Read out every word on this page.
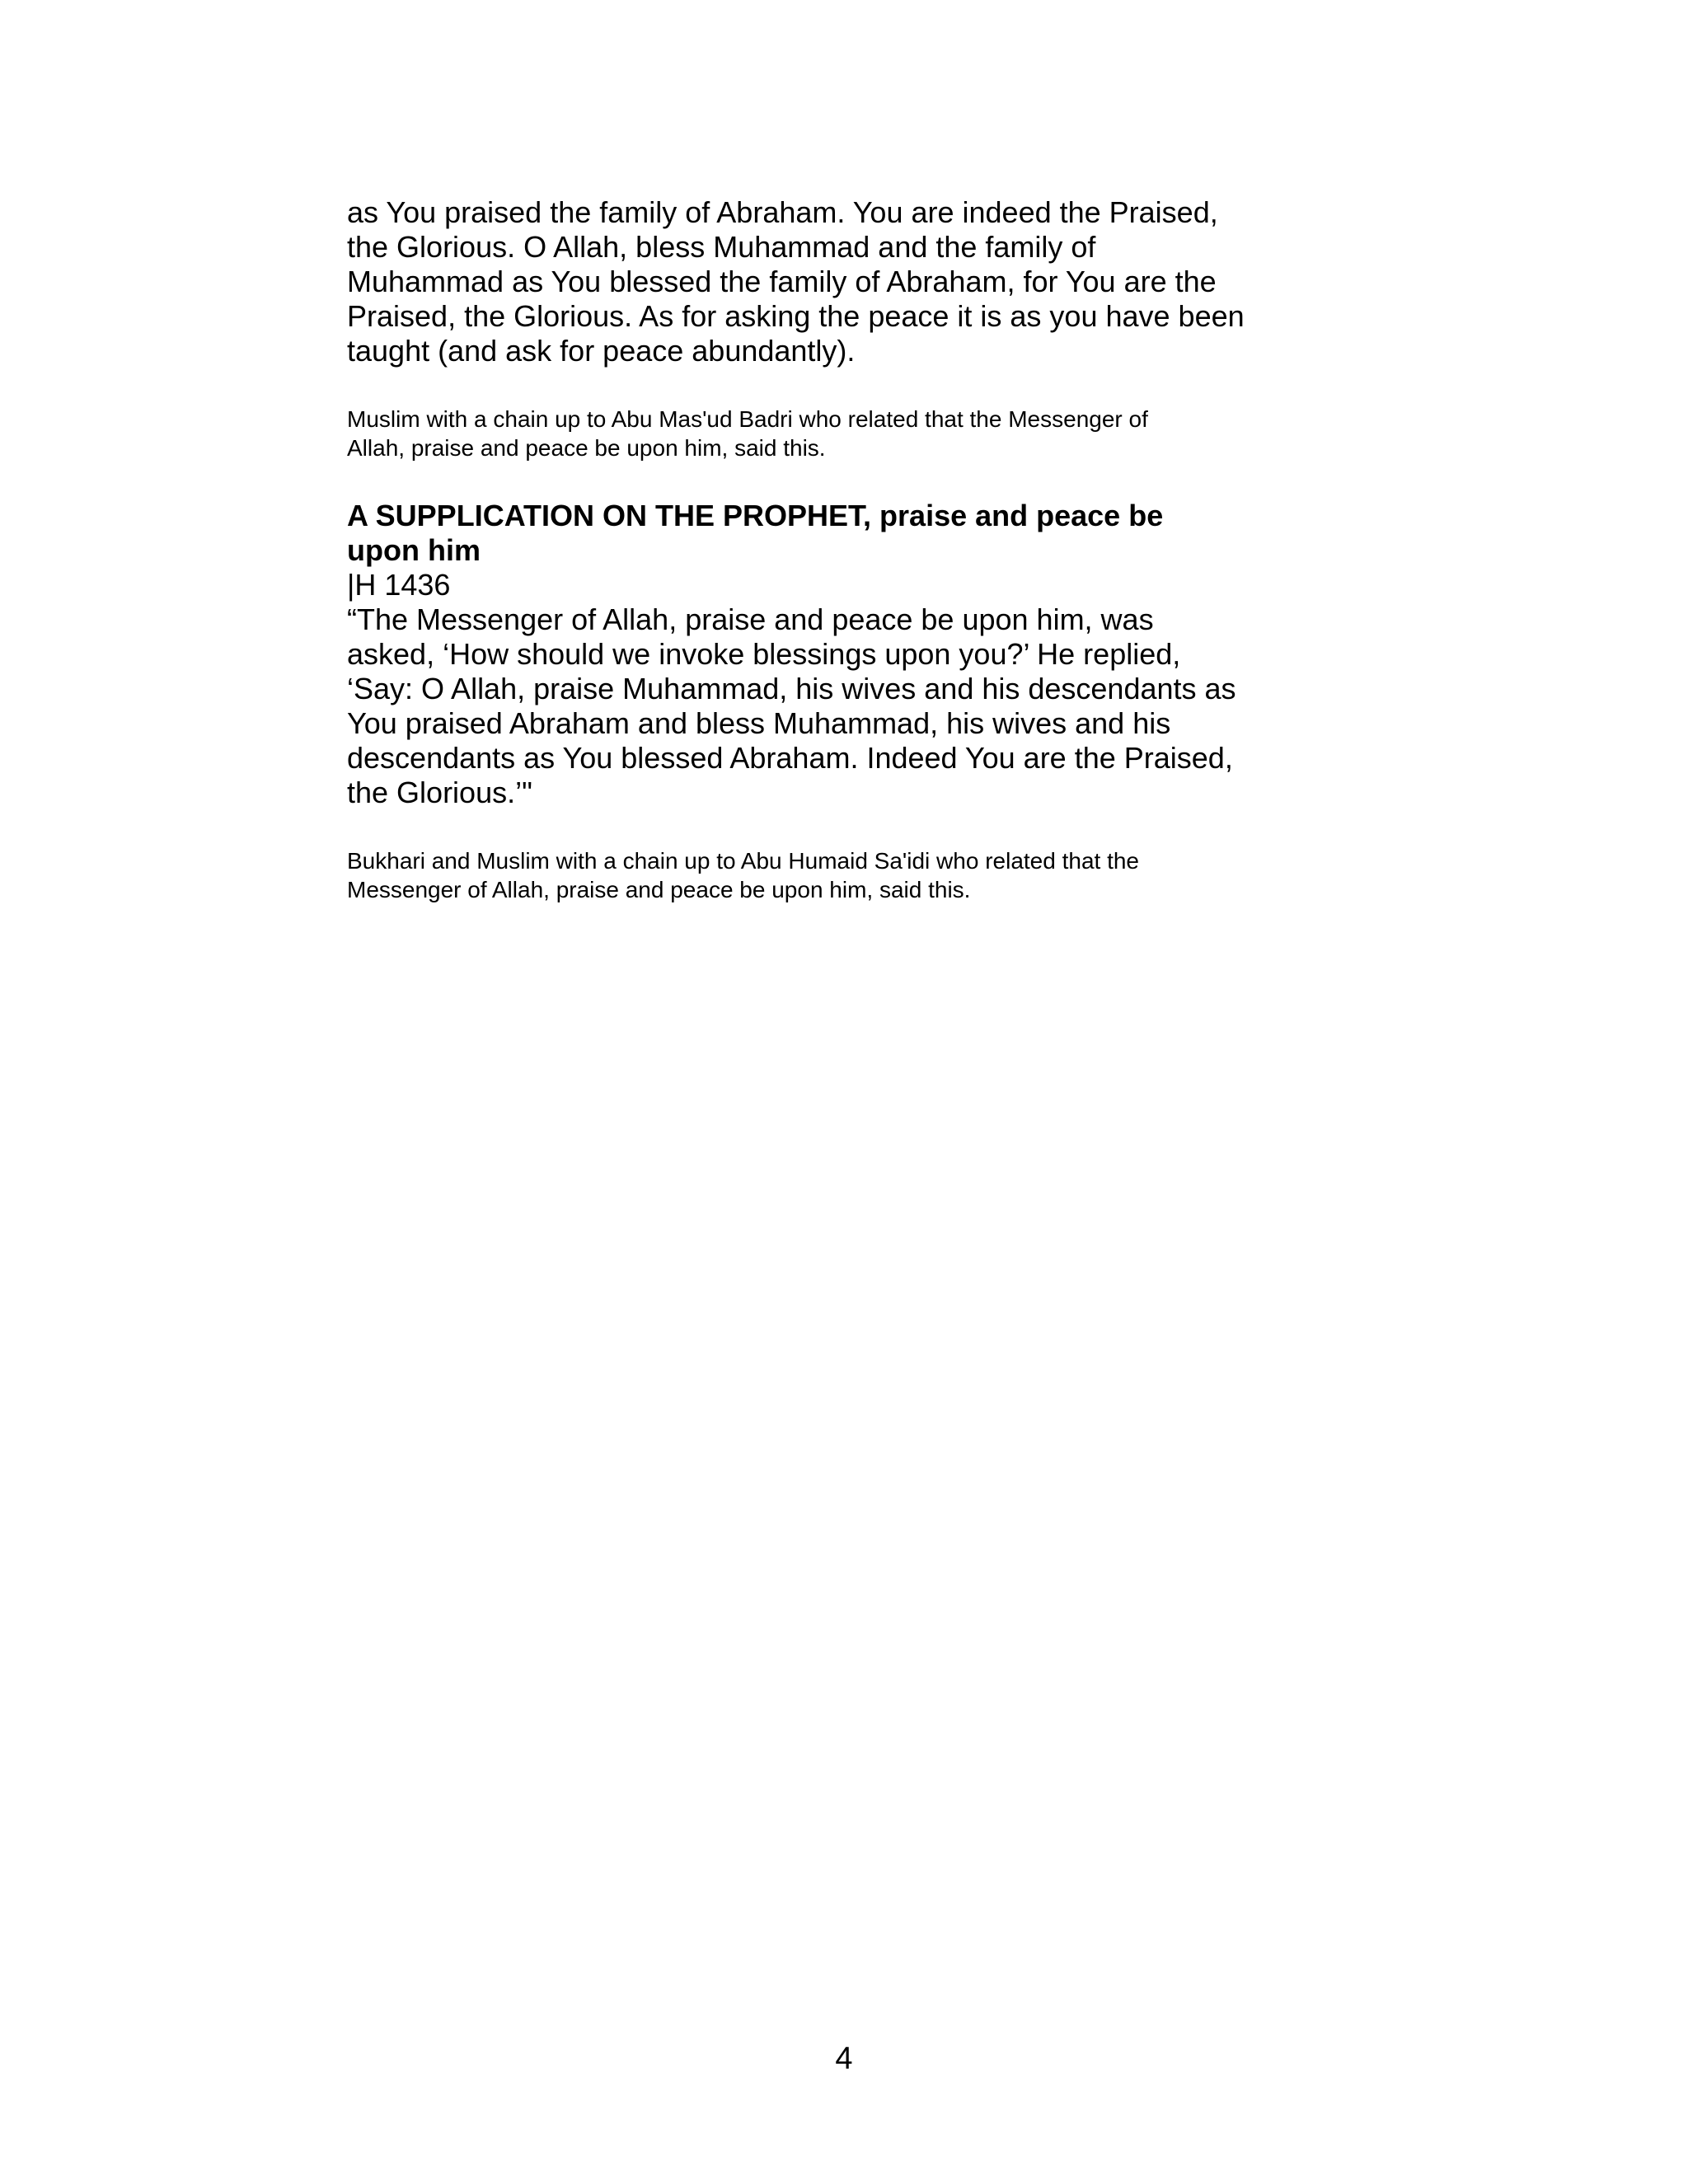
as You praised the family of Abraham. You are indeed the Praised,
the Glorious. O Allah, bless Muhammad and the family of
Muhammad as You blessed the family of Abraham, for You are the
Praised, the Glorious. As for asking the peace it is as you have been
taught (and ask for peace abundantly).

Muslim with a chain up to Abu Mas'ud Badri who related that the Messenger of
Allah, praise and peace be upon him, said this.

A SUPPLICATION ON THE PROPHET, praise and peace be
upon him

|H 1436

“The Messenger of Allah, praise and peace be upon him, was
asked, ‘How should we invoke blessings upon you?’ He replied,
‘Say: O Allah, praise Muhammad, his wives and his descendants as
You praised Abraham and bless Muhammad, his wives and his
descendants as You blessed Abraham. Indeed You are the Praised,
the Glorious.’"

Bukhari and Muslim with a chain up to Abu Humaid Sa'idi who related that the
Messenger of Allah, praise and peace be upon him, said this.

4
